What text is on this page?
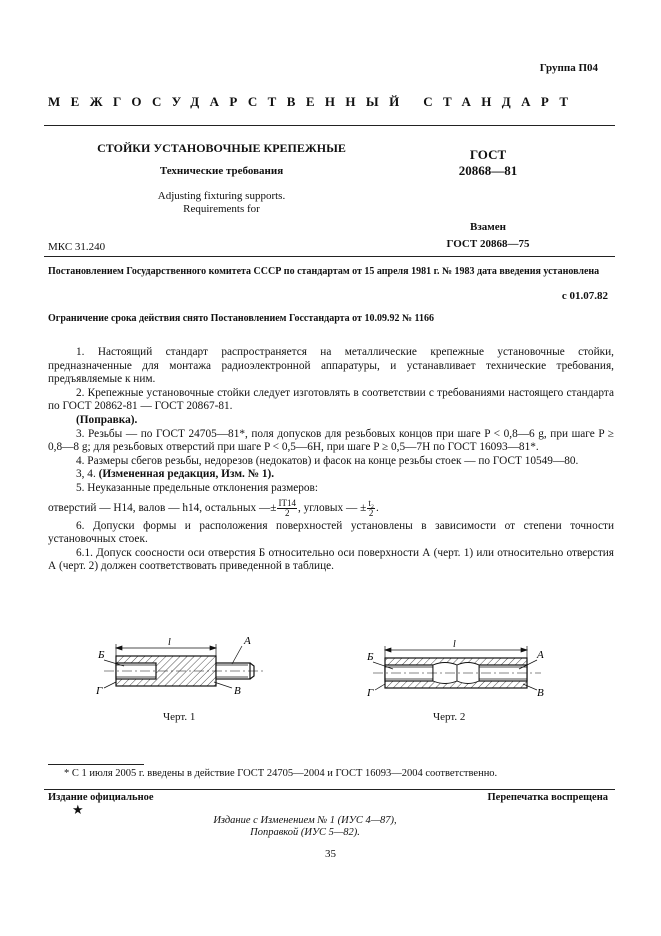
Группа П04
МЕЖГОСУДАРСТВЕННЫЙ СТАНДАРТ
СТОЙКИ УСТАНОВОЧНЫЕ КРЕПЕЖНЫЕ
Технические требования
Adjusting fixturing supports.
Requirements for
ГОСТ
20868—81
Взамен
ГОСТ 20868—75
МКС 31.240
Постановлением Государственного комитета СССР по стандартам от 15 апреля 1981 г. № 1983 дата введения установлена
с 01.07.82
Ограничение срока действия снято Постановлением Госстандарта от 10.09.92 № 1166

1. Настоящий стандарт распространяется на металлические крепежные установочные стойки, предназначенные для монтажа радиоэлектронной аппаратуры, и устанавливает технические требования, предъявляемые к ним.

2. Крепежные установочные стойки следует изготовлять в соответствии с требованиями настоящего стандарта по ГОСТ 20862-81 — ГОСТ 20867-81.

(Поправка).

3. Резьбы — по ГОСТ 24705—81*, поля допусков для резьбовых концов при шаге P < 0,8—6 g, при шаге P ≥ 0,8—8 g; для резьбовых отверстий при шаге P < 0,5—6H, при шаге P ≥ 0,5—7H по ГОСТ 16093—81*.

4. Размеры сбегов резьбы, недорезов (недокатов) и фасок на конце резьбы стоек — по ГОСТ 10549—80.

3, 4. (Измененная редакция, Изм. № 1).

5. Неуказанные предельные отклонения размеров:

отверстий — H14, валов — h14, остальных —± $\frac{IT14}{2}$ , угловых — ± $\frac{\text{t₂}}{2}$ .

6. Допуски формы и расположения поверхностей установлены в зависимости от степени точности установочных стоек.

6.1. Допуск соосности оси отверстия Б относительно оси поверхности А (черт. 1) или относительно отверстия А (черт. 2) должен соответствовать приведенной в таблице.

l	А
Б
Г	В
l
А
Б
Г	В
Черт. 1	Черт. 2
* С 1 июля 2005 г. введены в действие ГОСТ 24705—2004 и ГОСТ 16093—2004 соответственно.
Издание официальное
★
Перепечатка воспрещена
Издание с Изменением № 1 (ИУС 4—87),
Поправкой (ИУС 5—82).
35
